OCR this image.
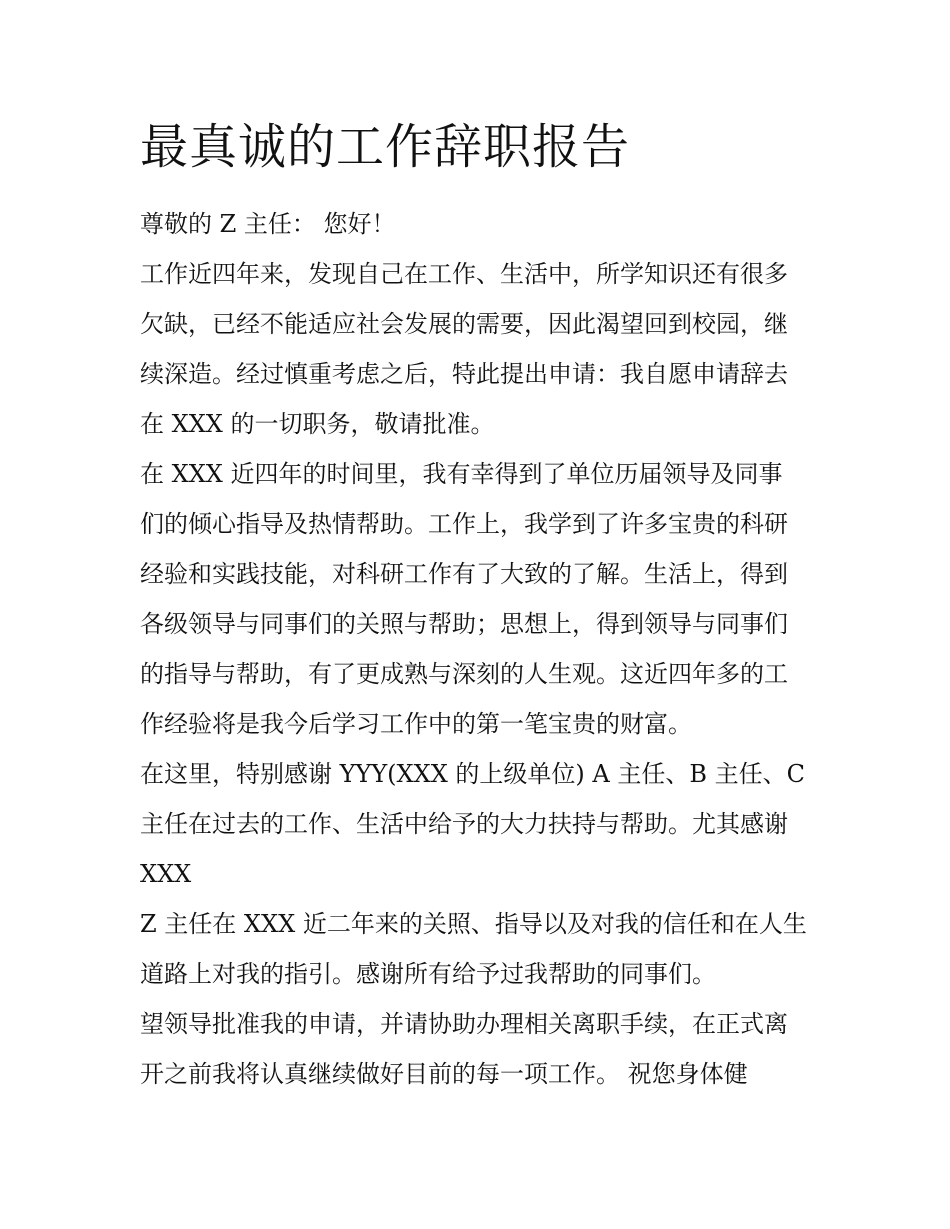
最真诚的工作辞职报告
尊敬的 Z 主任： 您好！
工作近四年来，发现自己在工作、生活中，所学知识还有很多
欠缺，已经不能适应社会发展的需要，因此渴望回到校园，继
续深造。经过慎重考虑之后，特此提出申请：我自愿申请辞去
在 XXX 的一切职务，敬请批准。
在 XXX 近四年的时间里，我有幸得到了单位历届领导及同事
们的倾心指导及热情帮助。工作上，我学到了许多宝贵的科研
经验和实践技能，对科研工作有了大致的了解。生活上，得到
各级领导与同事们的关照与帮助；思想上，得到领导与同事们
的指导与帮助，有了更成熟与深刻的人生观。这近四年多的工
作经验将是我今后学习工作中的第一笔宝贵的财富。
在这里，特别感谢 YYY(XXX 的上级单位) A 主任、B 主任、C
主任在过去的工作、生活中给予的大力扶持与帮助。尤其感谢
XXX
Z 主任在 XXX 近二年来的关照、指导以及对我的信任和在人生
道路上对我的指引。感谢所有给予过我帮助的同事们。
望领导批准我的申请，并请协助办理相关离职手续，在正式离
开之前我将认真继续做好目前的每一项工作。 祝您身体健
